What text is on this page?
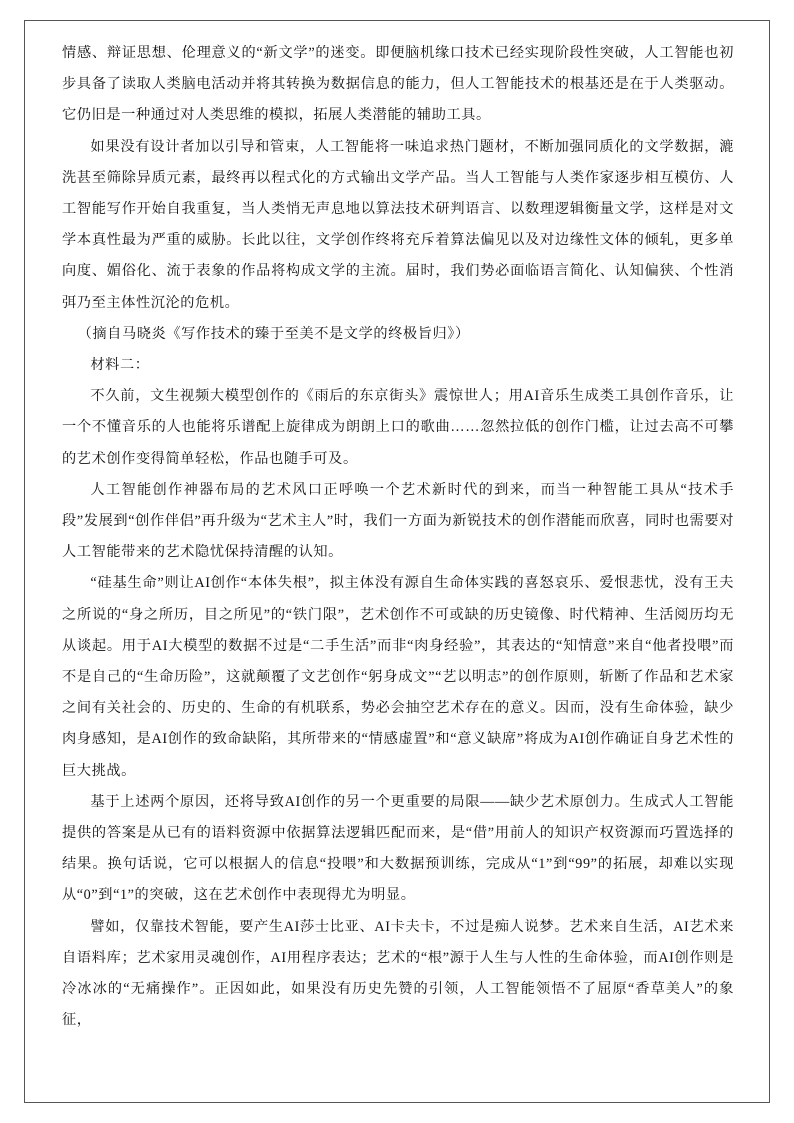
情感、辩证思想、伦理意义的“新文学”的迷变。即便脑机缘口技术已经实现阶段性突破，人工智能也初步具备了读取人类脑电活动并将其转换为数据信息的能力，但人工智能技术的根基还是在于人类驱动。它仍旧是一种通过对人类思维的模拟，拓展人类潜能的辅助工具。

如果没有设计者加以引导和管束，人工智能将一味追求热门题材，不断加强同质化的文学数据，漉洗甚至筛除异质元素，最终再以程式化的方式输出文学产品。当人工智能与人类作家逐步相互模仿、人工智能写作开始自我重复，当人类悄无声息地以算法技术研判语言、以数理逻辑衡量文学，这样是对文学本真性最为严重的威胁。长此以往，文学创作终将充斥着算法偏见以及对边缘性文体的倾轧，更多单向度、媚俗化、流于表象的作品将构成文学的主流。届时，我们势必面临语言简化、认知偏狭、个性消弭乃至主体性沉沦的危机。

（摘自马晓炎《写作技术的臻于至美不是文学的终极旨归》）

材料二：

不久前，文生视频大模型创作的《雨后的东京街头》震惊世人；用AI音乐生成类工具创作音乐，让一个不懂音乐的人也能将乐谱配上旋律成为朗朗上口的歌曲……忽然拉低的创作门槛，让过去高不可攀的艺术创作变得简单轻松，作品也随手可及。

人工智能创作神器布局的艺术风口正呼唤一个艺术新时代的到来，而当一种智能工具从“技术手段”发展到“创作伴侣”再升级为“艺术主人”时，我们一方面为新锐技术的创作潜能而欣喜，同时也需要对人工智能带来的艺术隐忧保持清醒的认知。

“硅基生命”则让AI创作“本体失根”，拟主体没有源自生命体实践的喜怒哀乐、爱恨悲忧，没有王夫之所说的“身之所历，目之所见”的“铁门限”，艺术创作不可或缺的历史镜像、时代精神、生活阅历均无从谈起。用于AI大模型的数据不过是“二手生活”而非“肉身经验”，其表达的“知情意”来自“他者投喂”而不是自己的“生命历险”，这就颠覆了文艺创作“躬身成文”“艺以明志”的创作原则，斩断了作品和艺术家之间有关社会的、历史的、生命的有机联系，势必会抽空艺术存在的意义。因而，没有生命体验，缺少肉身感知，是AI创作的致命缺陷，其所带来的“情感虚置”和“意义缺席”将成为AI创作确证自身艺术性的巨大挑战。

基于上述两个原因，还将导致AI创作的另一个更重要的局限——缺少艺术原创力。生成式人工智能提供的答案是从已有的语料资源中依据算法逻辑匹配而来，是“借”用前人的知识产权资源而巧置选择的结果。换句话说，它可以根据人的信息“投喂”和大数据预训练，完成从“1”到“99”的拓展，却难以实现从“0”到“1”的突破，这在艺术创作中表现得尤为明显。

譬如，仅靠技术智能，要产生AI莎士比亚、AI卡夫卡，不过是痴人说梦。艺术来自生活，AI艺术来自语料库；艺术家用灵魂创作，AI用程序表达；艺术的“根”源于人生与人性的生命体验，而AI创作则是冷冰冰的“无痛操作”。正因如此，如果没有历史先赞的引领，人工智能领悟不了屈原“香草美人”的象征，
